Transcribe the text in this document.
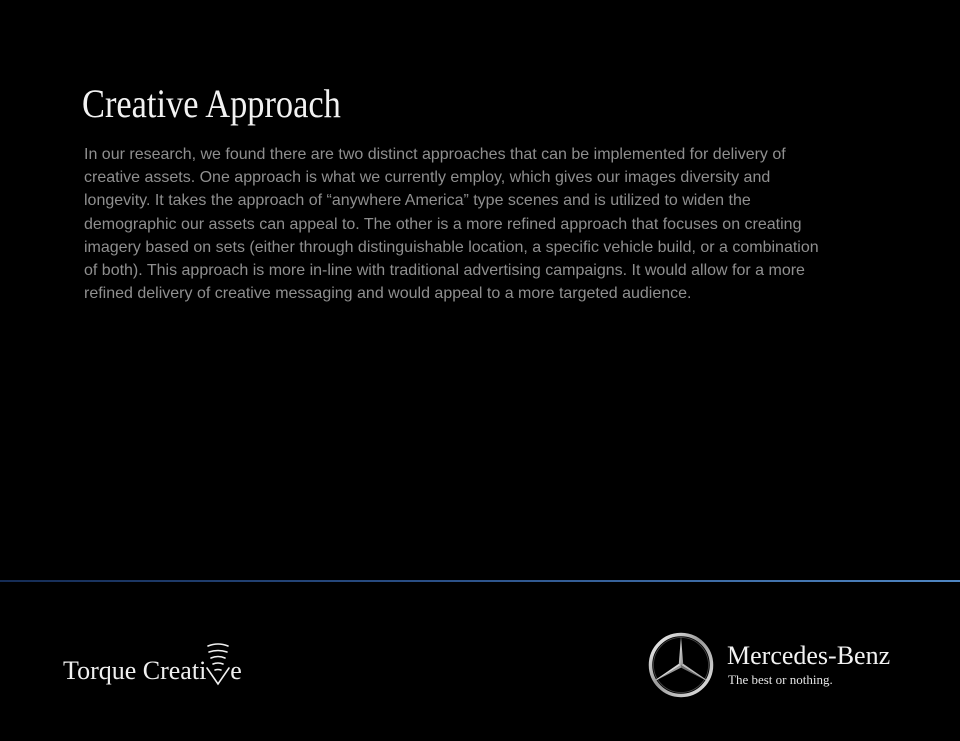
Creative Approach

In our research, we found there are two distinct approaches that can be implemented for delivery of creative assets. One approach is what we currently employ, which gives our images diversity and longevity. It takes the approach of “anywhere America” type scenes and is utilized to widen the demographic our assets can appeal to. The other is a more refined approach that focuses on creating imagery based on sets (either through distinguishable location, a specific vehicle build, or a combination of both). This approach is more in-line with traditional advertising campaigns. It would allow for a more refined delivery of creative messaging and would appeal to a more targeted audience.

Torque Creati e
Mercedes-Benz
The best or nothing.
